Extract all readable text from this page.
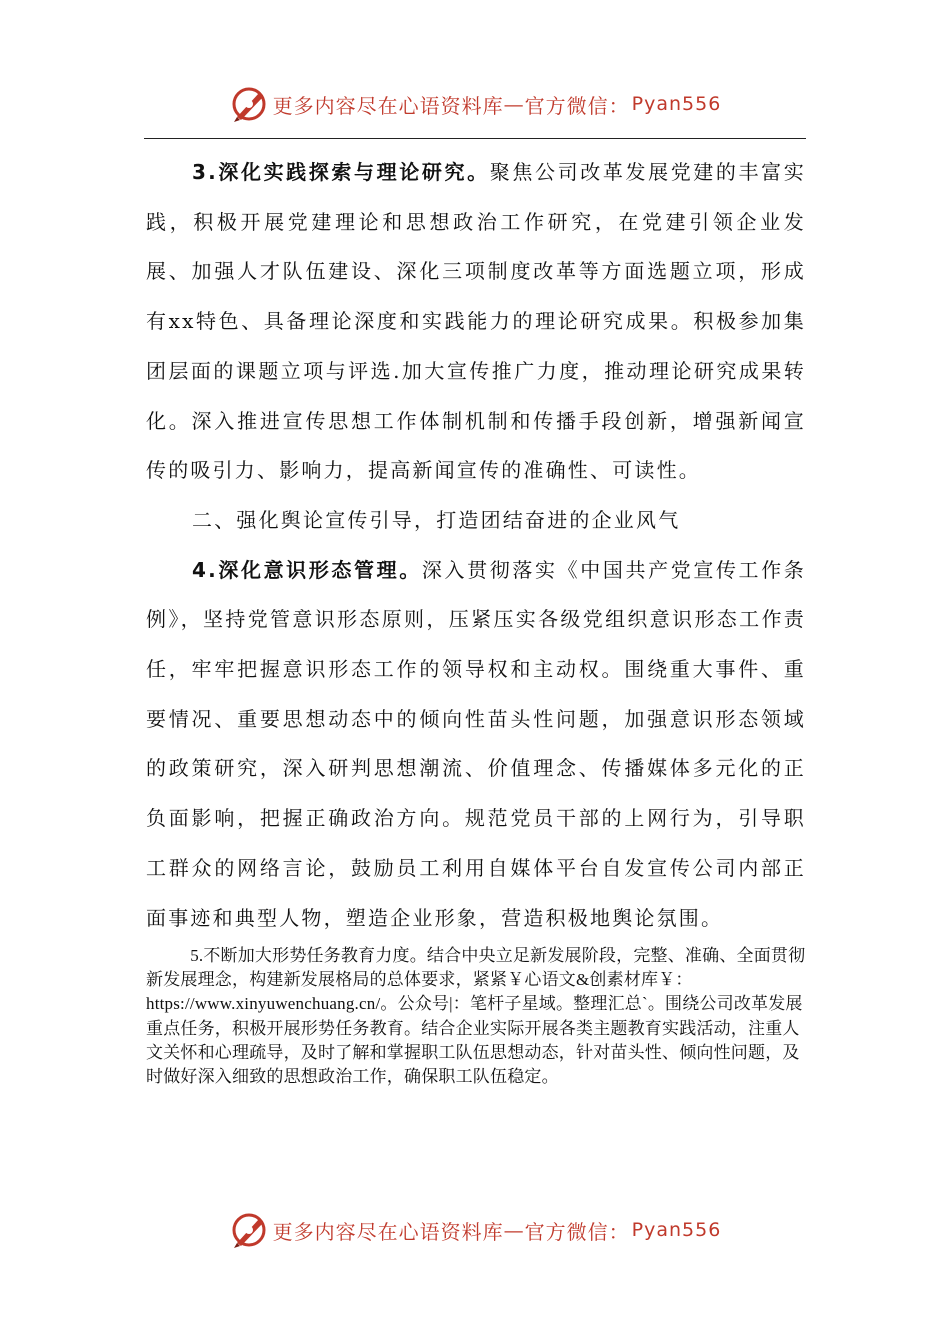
更多内容尽在心语资料库 — 官方微信： Pyan556

3.深化实践探索与理论研究。聚焦公司改革发展党建的丰富实践，积极开展党建理论和思想政治工作研究，在党建引领企业发展、加强人才队伍建设、深化三项制度改革等方面选题立项，形成有xx特色、具备理论深度和实践能力的理论研究成果。积极参加集团层面的课题立项与评选.加大宣传推广力度，推动理论研究成果转化。深入推进宣传思想工作体制机制和传播手段创新，增强新闻宣传的吸引力、影响力，提高新闻宣传的准确性、可读性。

二、强化舆论宣传引导，打造团结奋进的企业风气

4.深化意识形态管理。深入贯彻落实《中国共产党宣传工作条例》，坚持党管意识形态原则，压紧压实各级党组织意识形态工作责任，牢牢把握意识形态工作的领导权和主动权。围绕重大事件、重要情况、重要思想动态中的倾向性苗头性问题，加强意识形态领域的政策研究，深入研判思想潮流、价值理念、传播媒体多元化的正负面影响，把握正确政治方向。规范党员干部的上网行为，引导职工群众的网络言论，鼓励员工利用自媒体平台自发宣传公司内部正面事迹和典型人物，塑造企业形象，营造积极地舆论氛围。

5.不断加大形势任务教育力度。结合中央立足新发展阶段，完整、准确、全面贯彻新发展理念，构建新发展格局的总体要求，紧紧￥心语文&创素材库￥：https://www.xinyuwenchuang.cn/。公众号|：笔杆子星域。整理汇总`。围绕公司改革发展重点任务，积极开展形势任务教育。结合企业实际开展各类主题教育实践活动，注重人文关怀和心理疏导，及时了解和掌握职工队伍思想动态，针对苗头性、倾向性问题，及时做好深入细致的思想政治工作，确保职工队伍稳定。

更多内容尽在心语资料库 — 官方微信： Pyan556
